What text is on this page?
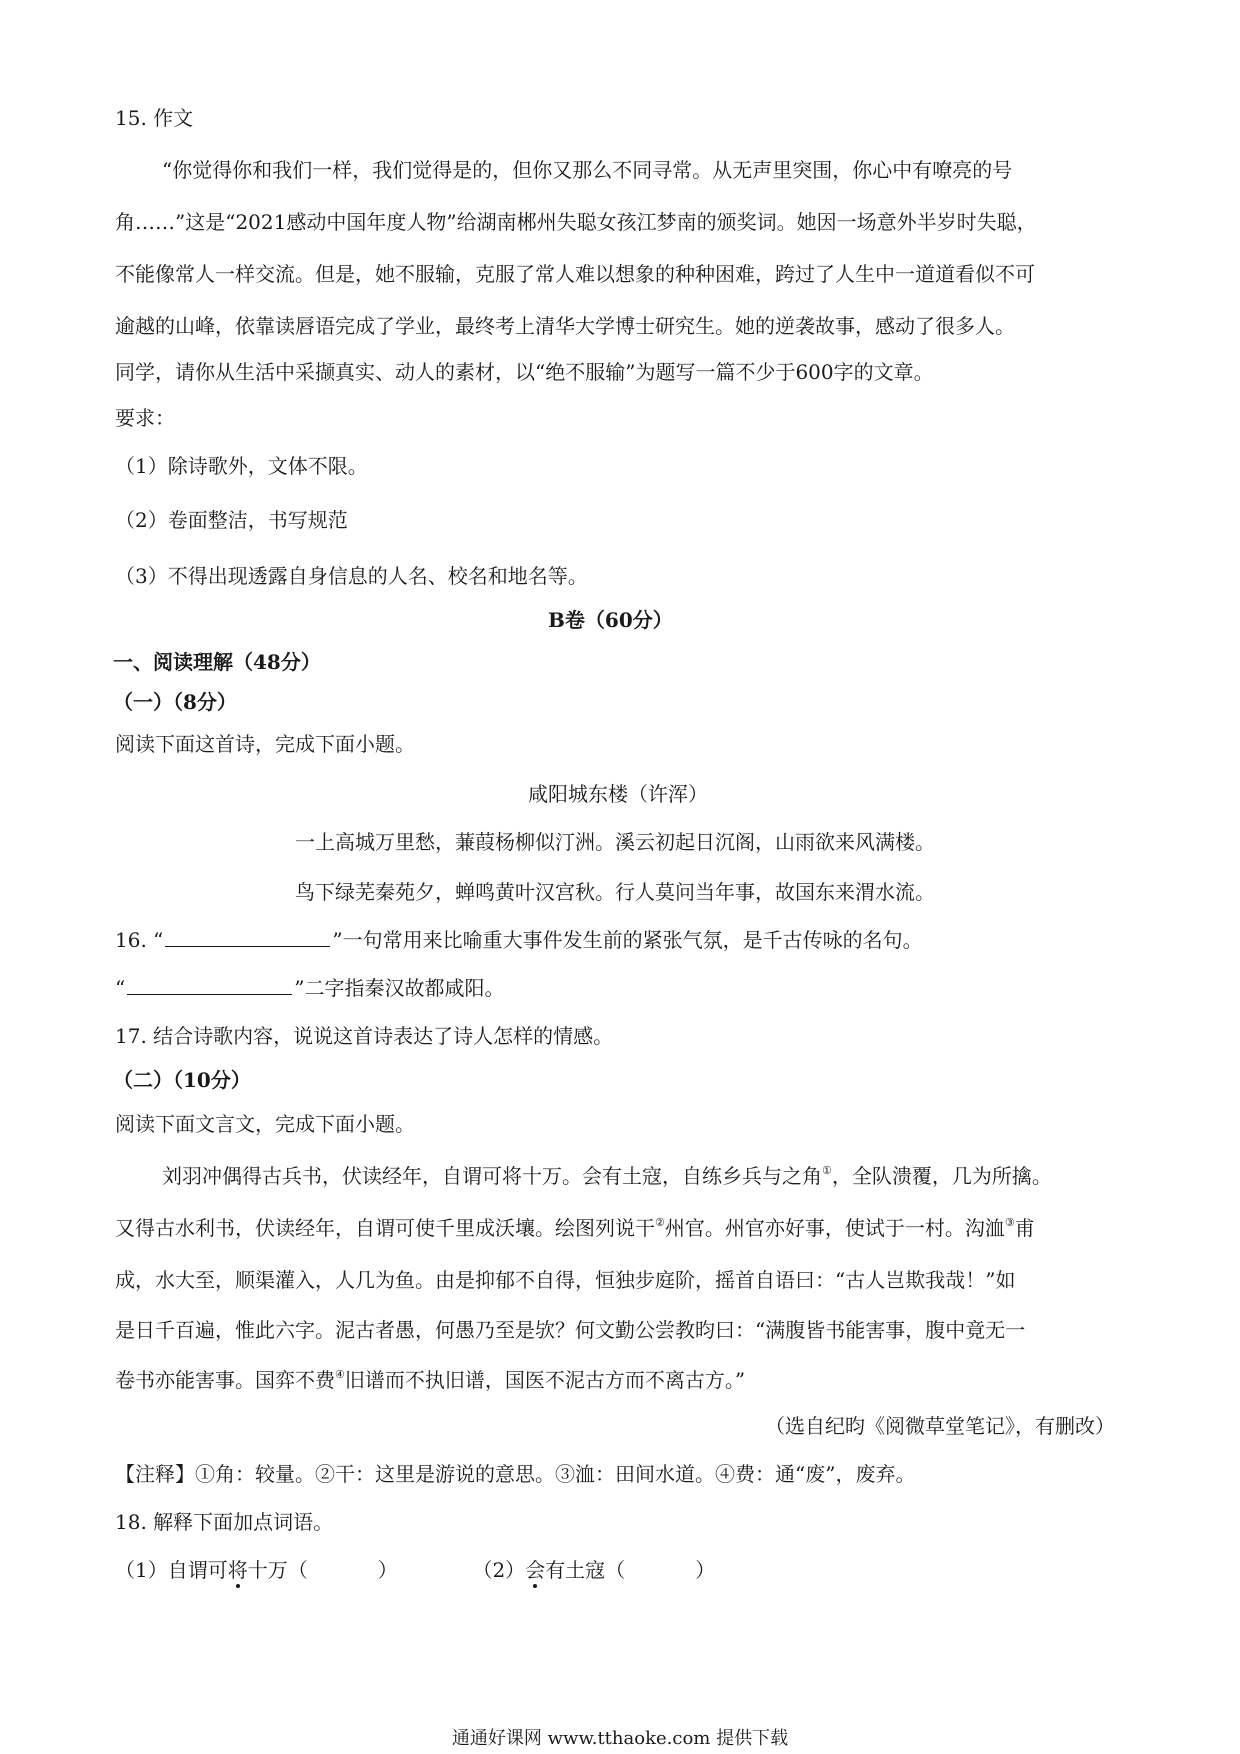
15. 作文
“你觉得你和我们一样，我们觉得是的，但你又那么不同寻常。从无声里突围，你心中有嘹亮的号
角……”这是“2021感动中国年度人物”给湖南郴州失聪女孩江梦南的颁奖词。她因一场意外半岁时失聪，
不能像常人一样交流。但是，她不服输，克服了常人难以想象的种种困难，跨过了人生中一道道看似不可
逾越的山峰，依靠读唇语完成了学业，最终考上清华大学博士研究生。她的逆袭故事，感动了很多人。
同学，请你从生活中采撷真实、动人的素材，以“绝不服输”为题写一篇不少于600字的文章。
要求：
（1）除诗歌外，文体不限。
（2）卷面整洁，书写规范
（3）不得出现透露自身信息的人名、校名和地名等。
B卷（60分）
一、阅读理解（48分）
（一）（8分）
阅读下面这首诗，完成下面小题。
咸阳城东楼（许浑）
一上高城万里愁，蒹葭杨柳似汀洲。溪云初起日沉阁，山雨欲来风满楼。
鸟下绿芜秦苑夕，蝉鸣黄叶汉宫秋。行人莫问当年事，故国东来渭水流。
16. “	”一句常用来比喻重大事件发生前的紧张气氛，是千古传咏的名句。
“	”二字指秦汉故都咸阳。
17. 结合诗歌内容，说说这首诗表达了诗人怎样的情感。
（二）（10分）
阅读下面文言文，完成下面小题。
刘羽冲偶得古兵书，伏读经年，自谓可将十万。会有土寇，自练乡兵与之角①，全队溃覆，几为所擒。
又得古水利书，伏读经年，自谓可使千里成沃壤。绘图列说干②州官。州官亦好事，使试于一村。沟洫③甫
成，水大至，顺渠灌入，人几为鱼。由是抑郁不自得，恒独步庭阶，摇首自语曰：“古人岂欺我哉！”如
是日千百遍，惟此六字。泥古者愚，何愚乃至是欤？何文勤公尝教昀曰：“满腹皆书能害事，腹中竟无一
卷书亦能害事。国弈不费④旧谱而不执旧谱，国医不泥古方而不离古方。”
（选自纪昀《阅微草堂笔记》，有删改）
【注释】①角：较量。②干：这里是游说的意思。③洫：田间水道。④费：通“废”，废弃。
18. 解释下面加点词语。
（1）自谓可将十万（	）	（2）会有土寇（	）
通通好课网 www.tthaoke.com 提供下载
